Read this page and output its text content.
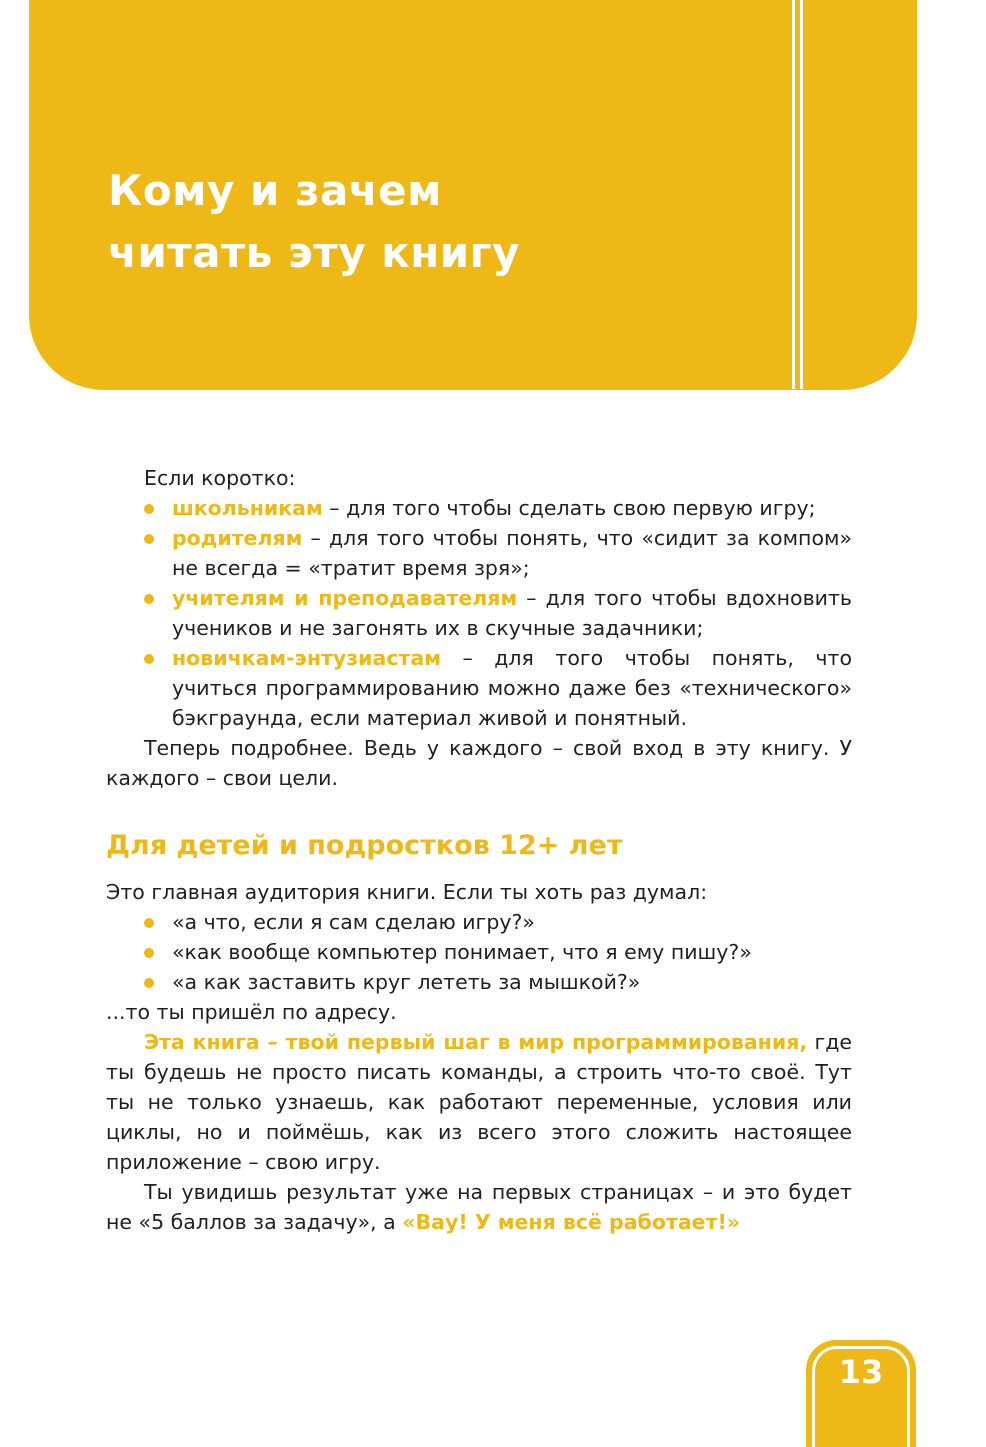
Кому и зачем
читать эту книгу

Если коротко:

школьникам – для того чтобы сделать свою первую игру;
родителям – для того чтобы понять, что «сидит за компом» не всегда = «тратит время зря»;
учителям и преподавателям – для того чтобы вдохновить учеников и не загонять их в скучные задачники;
новичкам-энтузиастам – для того чтобы понять, что учиться программированию можно даже без «технического» бэкграунда, если материал живой и понятный.

Теперь подробнее. Ведь у каждого – свой вход в эту книгу. У каждого – свои цели.

Для детей и подростков 12+ лет

Это главная аудитория книги. Если ты хоть раз думал:

«а что, если я сам сделаю игру?»
«как вообще компьютер понимает, что я ему пишу?»
«а как заставить круг лететь за мышкой?»

...то ты пришёл по адресу.

Эта книга – твой первый шаг в мир программирования, где ты будешь не просто писать команды, а строить что-то своё. Тут ты не только узнаешь, как работают переменные, условия или циклы, но и поймёшь, как из всего этого сложить настоящее приложение – свою игру.

Ты увидишь результат уже на первых страницах – и это будет не «5 баллов за задачу», а «Вау! У меня всё работает!»

13
